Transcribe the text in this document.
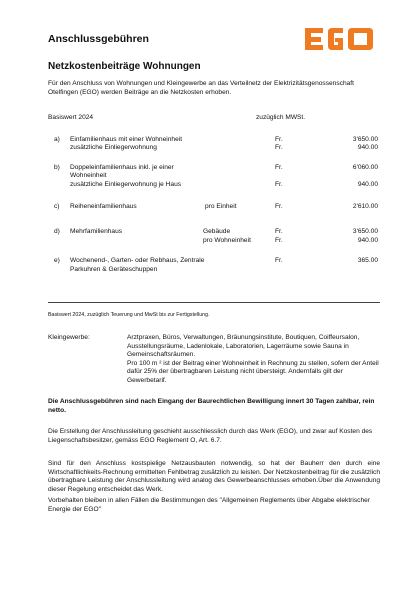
Anschlussgebühren
Netzkostenbeiträge Wohnungen
Für den Anschluss von Wohnungen und Kleingewerbe an das Verteilnetz der Elektrizitätsgenossenschaft Otelfingen (EGO) werden Beiträge an die Netzkosten erhoben.
Basiswert 2024	zuzüglich MWSt.
a) Einfamilienhaus mit einer Wohneinheit	Fr.	3'650.00
zusätzliche Einliegerwohnung	Fr.	940.00
b) Doppeleinfamilienhaus inkl. je einer	Fr.	6'060.00
Wohneinheit
zusätzliche Einliegerwohnung je Haus	Fr.	940.00
c) Reiheneinfamilienhaus	pro Einheit	Fr.	2'610.00
d) Mehrfamilienhaus	Gebäude	Fr.	3'650.00
pro Wohneinheit	Fr.	940.00
e) Wochenend-, Garten- oder Rebhaus, Zentrale	Fr.	365.00
Parkuhren & Geräteschuppen
Basiswert 2024, zuzüglich Teuerung und MwSt bis zur Fertigstellung.
Kleingewerbe:	Arztpraxen, Büros, Verwaltungen, Bräunungsinstitute, Boutiquen, Coiffeursalon, Ausstellungsräume, Ladenlokale, Laboratorien, Lagerräume sowie Sauna in Gemeinschaftsräumen.
Pro 100 m ² ist der Beitrag einer Wohneinheit in Rechnung zu stellen, sofern der Anteil dafür 25% der übertragbaren Leistung nicht übersteigt. Andernfalls gilt der Gewerbetarif.
Die Anschlussgebühren sind nach Eingang der Baurechtlichen Bewilligung innert 30 Tagen zahlbar, rein netto.
Die Erstellung der Anschlussleitung geschieht ausschliesslich durch das Werk (EGO), und zwar auf Kosten des Liegenschaftsbesitzer, gemäss EGO Reglement O, Art. 6.7.
Sind für den Anschluss kostspielige Netzausbauten notwendig, so hat der Bauherr den durch eine Wirtschaftlichkeits-Rechnung ermittelten Fehlbetrag zusätzlich zu leisten. Der Netzkostenbeitrag für die zusätzlich übertragbare Leistung der Anschlussleitung wird analog des Gewerbeanschlusses erhoben.Über die Anwendung dieser Regelung entscheidet das Werk.
Vorbehalten bleiben in allen Fällen die Bestimmungen des "Allgemeinen Reglements über Abgabe elektrischer Energie der EGO"
